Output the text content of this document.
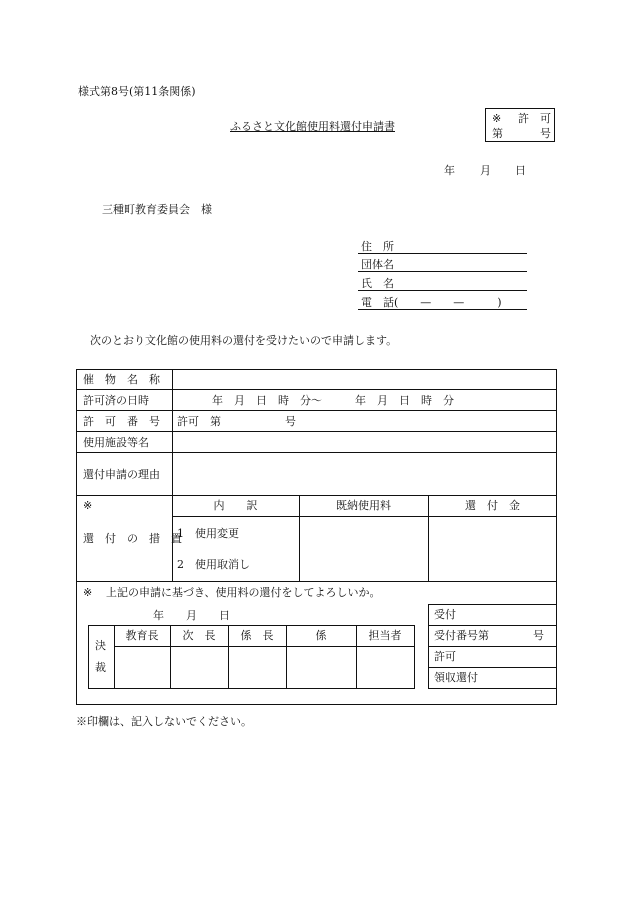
様式第8号(第11条関係)
ふるさと文化館使用料還付申請書
※ 許 可
第	号
年 月 日
三種町教育委員会　様
住　所
団体名
氏　名
電　話(　　—　　—　　　)
次のとおり文化館の使用料の還付を受けたいので申請します。
催　物　名　称
許可済の日時	年　月　日　時　分〜　　　年　月　日　時　分
許　可　番　号 許可　第	号
使用施設等名
還付申請の理由
※
還　付　の　措　置
内　　訳	既納使用料	還　付　金
1　使用変更
2　使用取消し
※ 上記の申請に基づき、使用料の還付をしてよろしいか。
年　　月　　日
決
裁
教育長	次　長	係　長	係	担当者
受付
受付番号第　　　　号
許可
領収還付
※印欄は、記入しないでください。
